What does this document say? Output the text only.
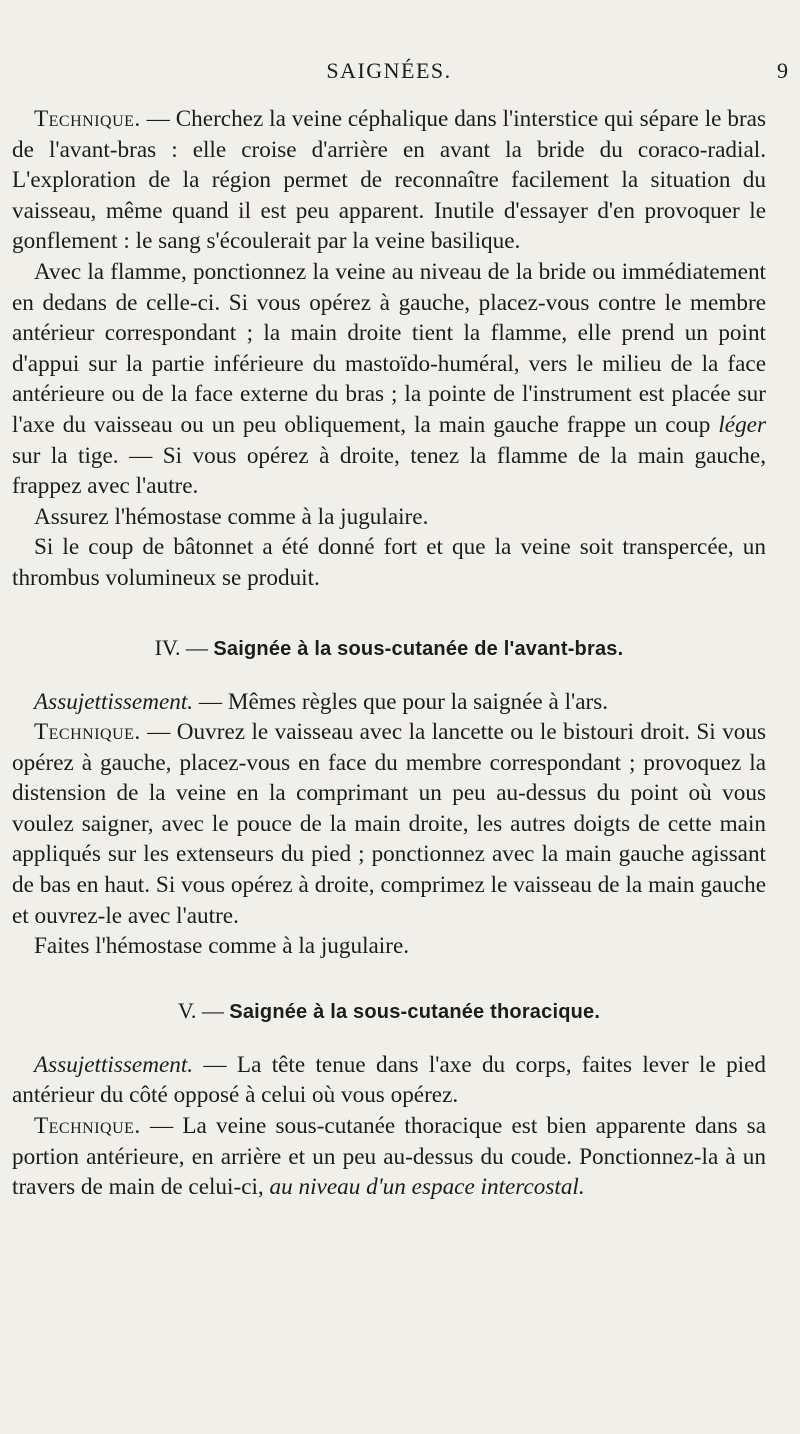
SAIGNÉES.	9

Technique. — Cherchez la veine céphalique dans l'interstice qui sépare le bras de l'avant-bras : elle croise d'arrière en avant la bride du coraco-radial. L'exploration de la région permet de reconnaître facilement la situation du vaisseau, même quand il est peu apparent. Inutile d'essayer d'en provoquer le gonflement : le sang s'écoulerait par la veine basilique.

Avec la flamme, ponctionnez la veine au niveau de la bride ou immédiatement en dedans de celle-ci. Si vous opérez à gauche, placez-vous contre le membre antérieur correspondant ; la main droite tient la flamme, elle prend un point d'appui sur la partie inférieure du mastoïdo-huméral, vers le milieu de la face antérieure ou de la face externe du bras ; la pointe de l'instrument est placée sur l'axe du vaisseau ou un peu obliquement, la main gauche frappe un coup léger sur la tige. — Si vous opérez à droite, tenez la flamme de la main gauche, frappez avec l'autre.

Assurez l'hémostase comme à la jugulaire.

Si le coup de bâtonnet a été donné fort et que la veine soit transpercée, un thrombus volumineux se produit.

IV. — Saignée à la sous-cutanée de l'avant-bras.

Assujettissement. — Mêmes règles que pour la saignée à l'ars.

Technique. — Ouvrez le vaisseau avec la lancette ou le bistouri droit. Si vous opérez à gauche, placez-vous en face du membre correspondant ; provoquez la distension de la veine en la comprimant un peu au-dessus du point où vous voulez saigner, avec le pouce de la main droite, les autres doigts de cette main appliqués sur les extenseurs du pied ; ponctionnez avec la main gauche agissant de bas en haut. Si vous opérez à droite, comprimez le vaisseau de la main gauche et ouvrez-le avec l'autre.

Faites l'hémostase comme à la jugulaire.

V. — Saignée à la sous-cutanée thoracique.

Assujettissement. — La tête tenue dans l'axe du corps, faites lever le pied antérieur du côté opposé à celui où vous opérez.

Technique. — La veine sous-cutanée thoracique est bien apparente dans sa portion antérieure, en arrière et un peu au-dessus du coude. Ponctionnez-la à un travers de main de celui-ci, au niveau d'un espace intercostal.
